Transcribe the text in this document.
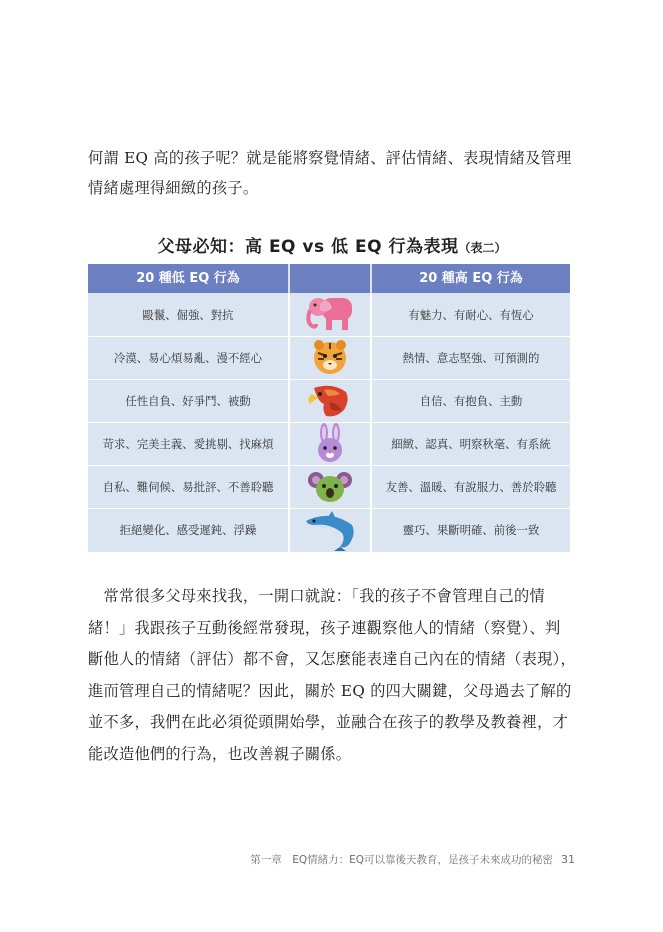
何謂 EQ 高的孩子呢？就是能將察覺情緒、評估情緒、表現情緒及管理
情緒處理得細緻的孩子。
父母必知：高 EQ vs 低 EQ 行為表現（表二）
20 種低 EQ 行為	20 種高 EQ 行為
毆鬣、倔強、對抗	有魅力、有耐心、有恆心
冷漠、易心煩易亂、漫不經心	熱情、意志堅強、可預測的
任性自負、好爭鬥、被動	自信、有抱負、主動
苛求、完美主義、愛挑剔、找麻煩	細緻、認真、明察秋毫、有系統
自私、難伺候、易批評、不善聆聽	友善、溫暖、有說服力、善於聆聽
拒絕變化、感受遲鈍、浮躁	靈巧、果斷明確、前後一致
　常常很多父母來找我，一開口就說：「我的孩子不會管理自己的情
緒！」我跟孩子互動後經常發現，孩子連觀察他人的情緒（察覺）、判
斷他人的情緒（評估）都不會，又怎麼能表達自己內在的情緒（表現），
進而管理自己的情緒呢？因此，關於 EQ 的四大關鍵，父母過去了解的
並不多，我們在此必須從頭開始學，並融合在孩子的教學及教養裡，才
能改造他們的行為，也改善親子關係。
第一章　EQ情緒力：EQ可以靠後天教育，是孩子未來成功的秘密 31
